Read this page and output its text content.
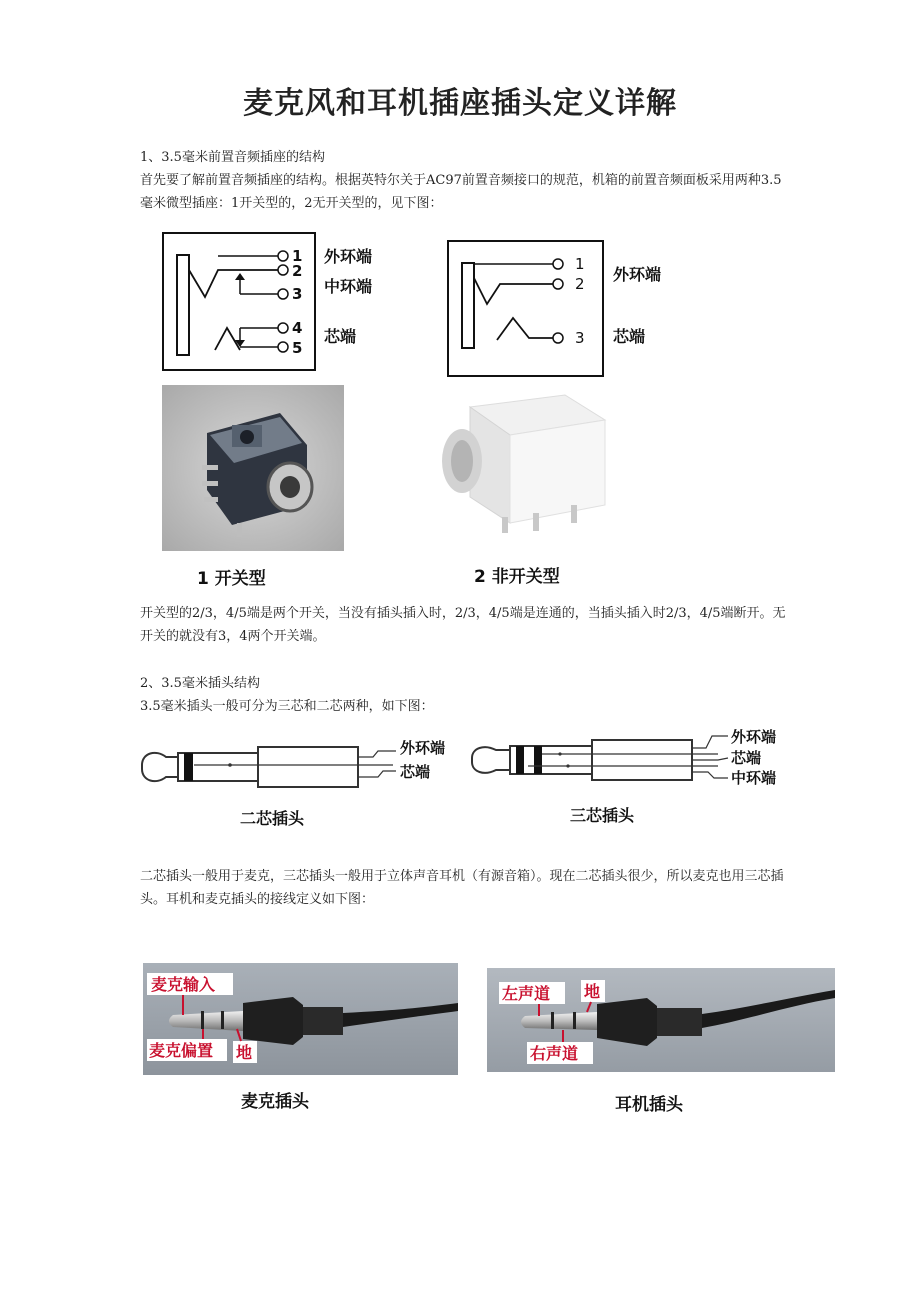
麦克风和耳机插座插头定义详解

1、3.5毫米前置音频插座的结构

首先要了解前置音频插座的结构。根据英特尔关于AC97前置音频接口的规范，机箱的前置音频面板采用两种3.5毫米微型插座：1开关型的，2无开关型的，见下图：

1
2
3
4
5
外环端
中环端
芯端
1
2
3
外环端
芯端
1 开关型	2 非开关型

开关型的2/3，4/5端是两个开关，当没有插头插入时，2/3，4/5端是连通的，当插头插入时2/3，4/5端断开。无开关的就没有3，4两个开关端。

2、3.5毫米插头结构

3.5毫米插头一般可分为三芯和二芯两种，如下图：

外环端
芯端
二芯插头
外环端
芯端
中环端
三芯插头

二芯插头一般用于麦克，三芯插头一般用于立体声音耳机（有源音箱）。现在二芯插头很少，所以麦克也用三芯插头。耳机和麦克插头的接线定义如下图：

麦克输入
麦克偏置 地
麦克插头
左声道 地
右声道
耳机插头
